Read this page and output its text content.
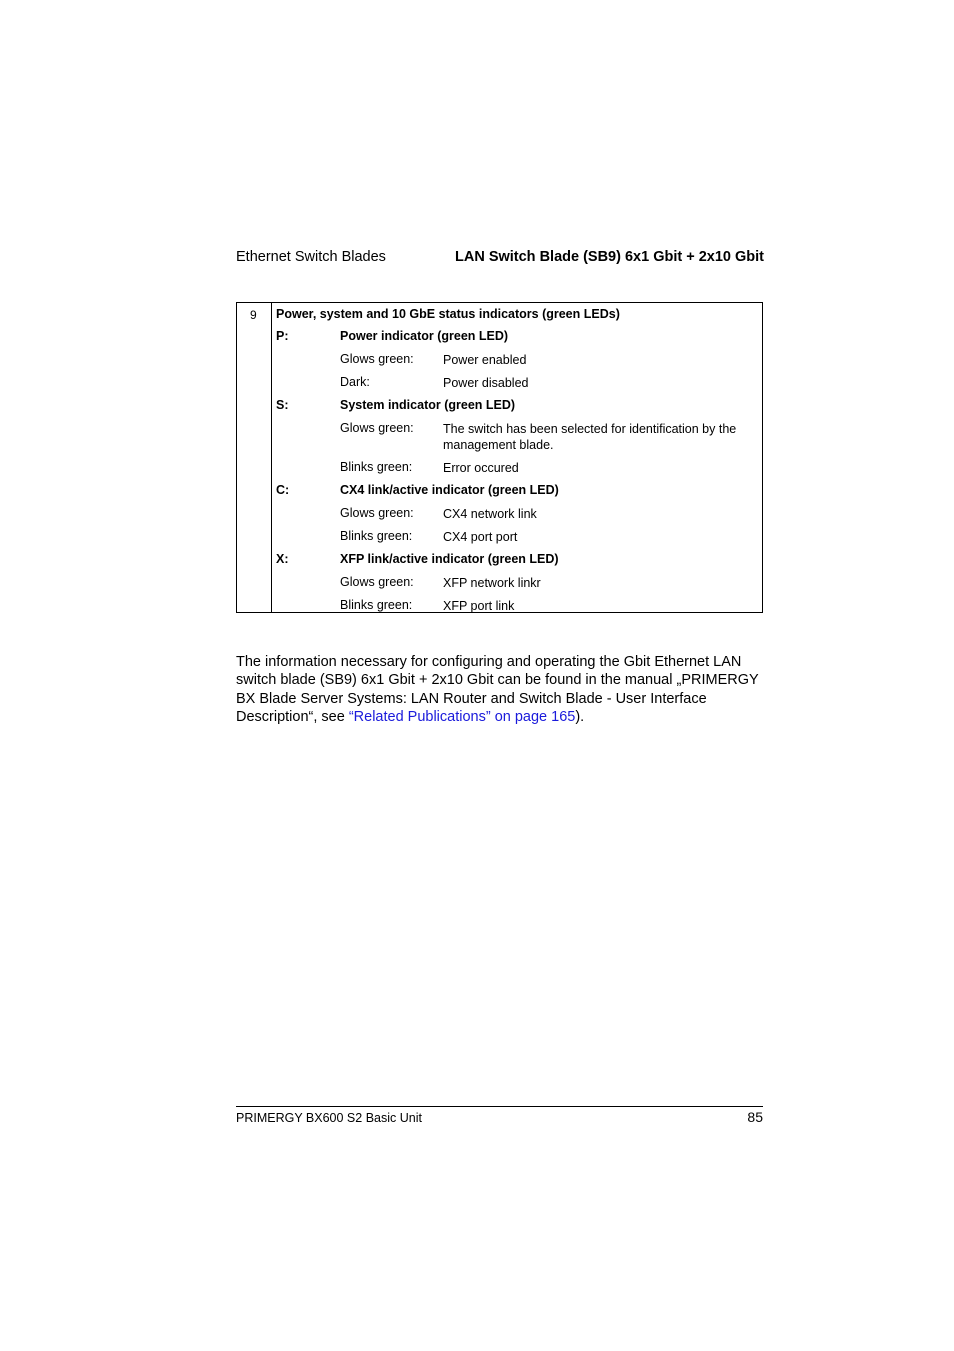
Ethernet Switch Blades	LAN Switch Blade (SB9) 6x1 Gbit + 2x10 Gbit
9 Power, system and 10 GbE status indicators (green LEDs)
P:	Power indicator (green LED)
Glows green: Power enabled
Dark:	Power disabled
S:	System indicator (green LED)
Glows green: The switch has been selected for identification by the management blade.
Blinks green: Error occured
C:	CX4 link/active indicator (green LED)
Glows green: CX4 network link
Blinks green: CX4 port port
X:	XFP link/active indicator (green LED)
Glows green: XFP network linkr
Blinks green: XFP port link

The information necessary for configuring and operating the Gbit Ethernet LAN switch blade (SB9) 6x1 Gbit + 2x10 Gbit can be found in the manual „PRIMERGY BX Blade Server Systems: LAN Router and Switch Blade - User Interface Description“, see “Related Publications” on page 165).

PRIMERGY BX600 S2 Basic Unit	85
